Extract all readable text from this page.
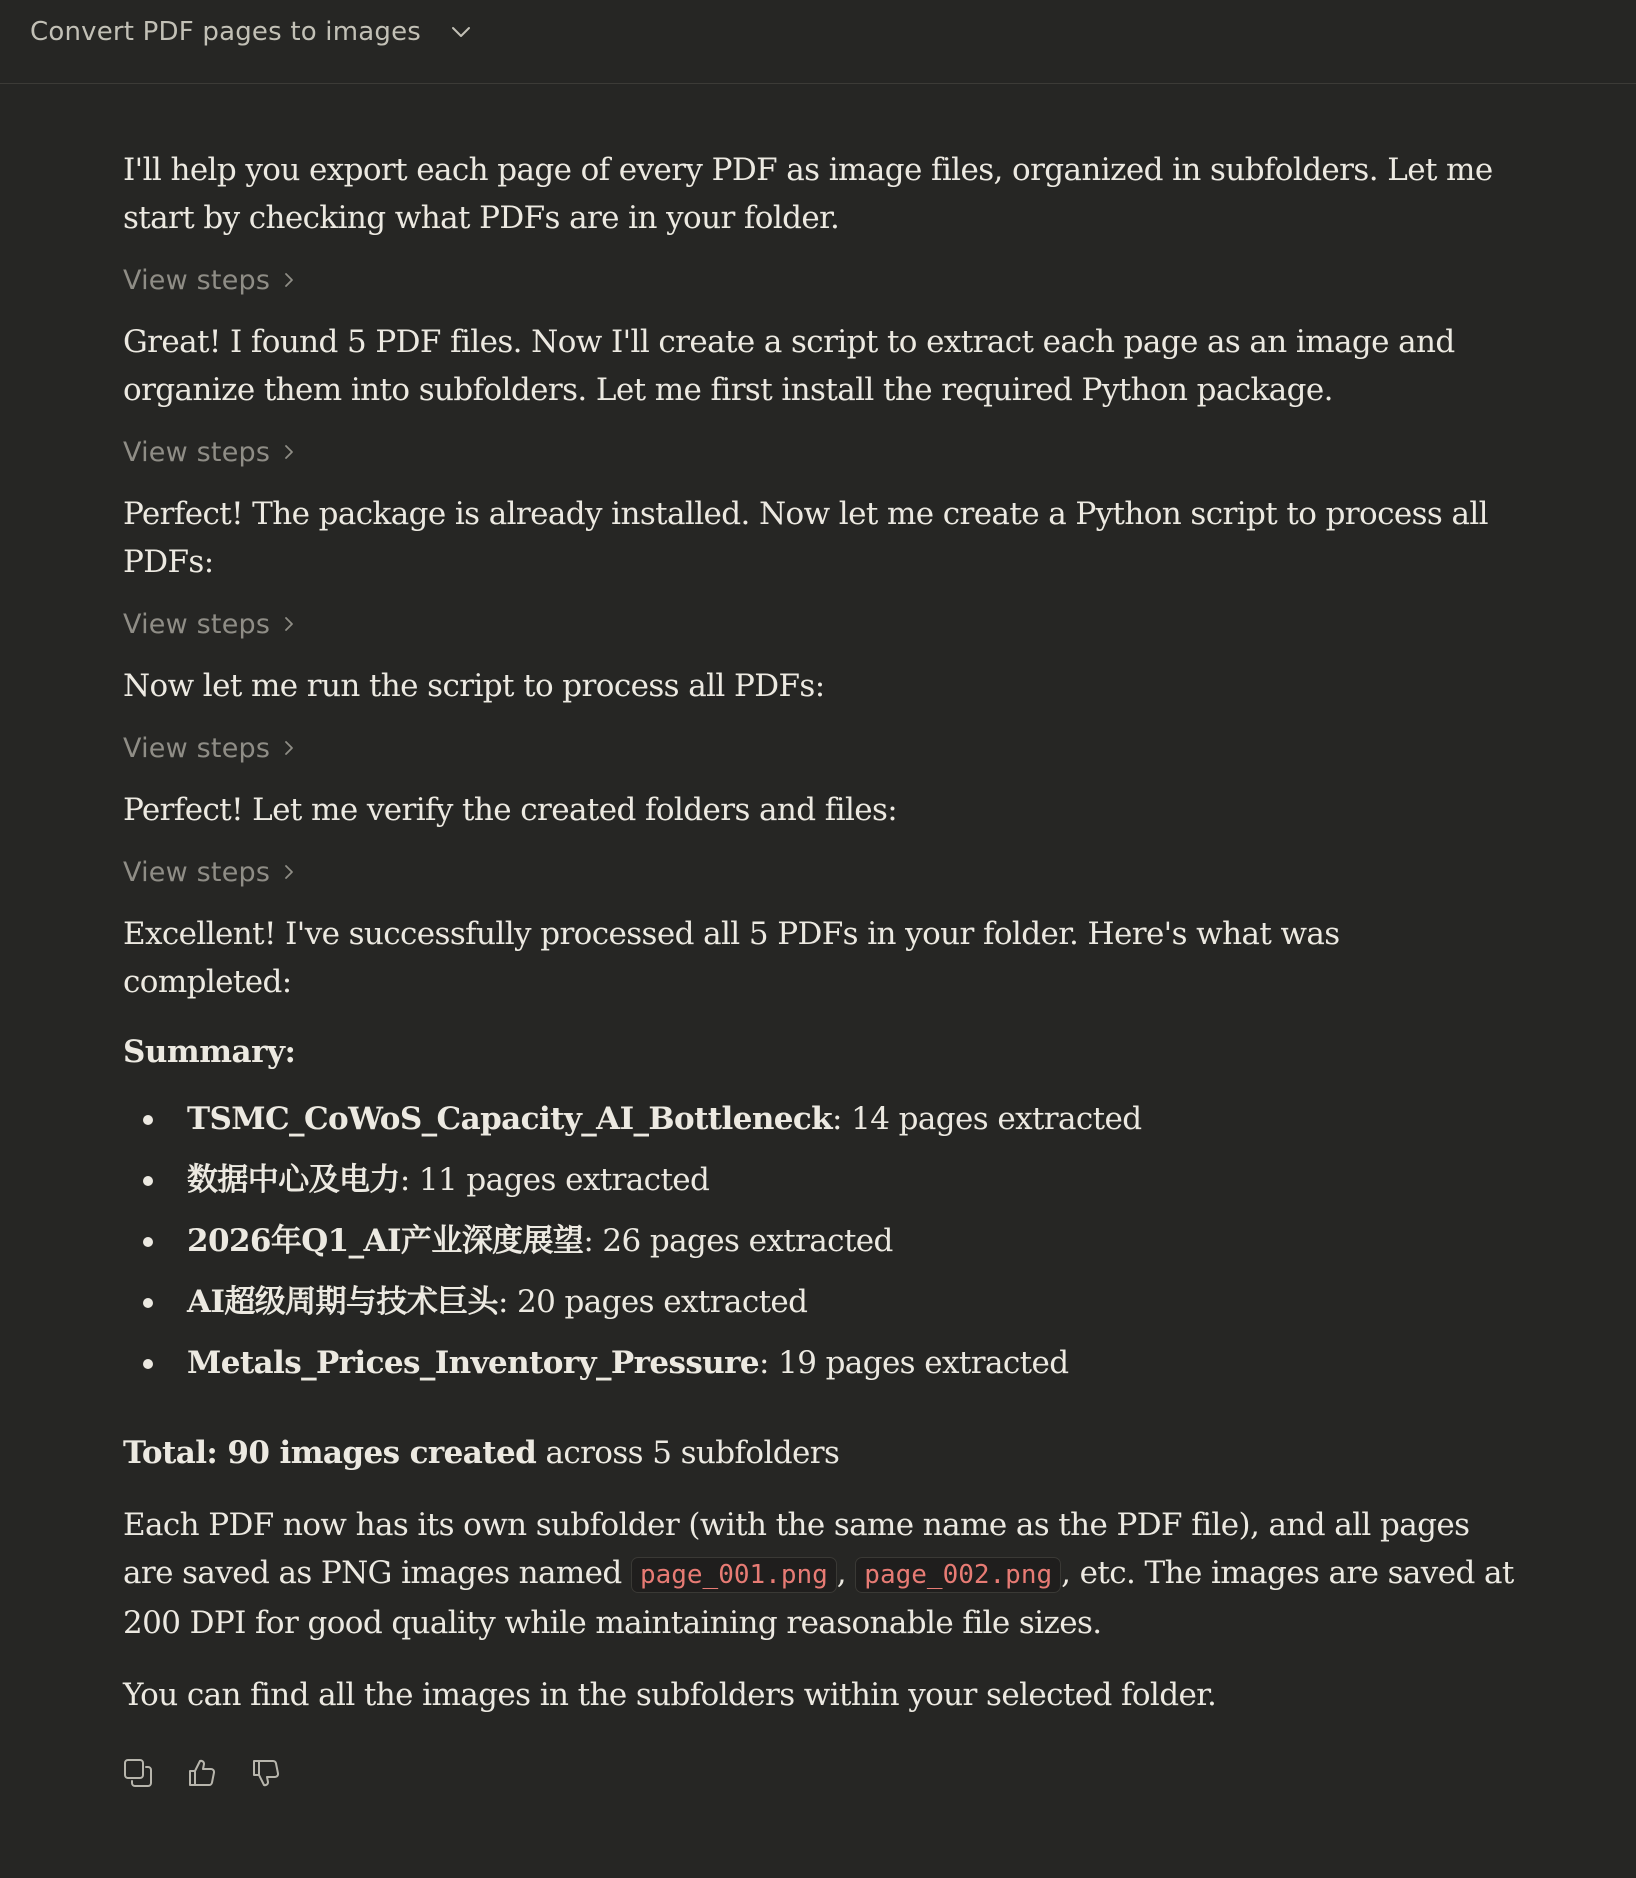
Convert PDF pages to images

I'll help you export each page of every PDF as image files, organized in subfolders. Let me start by checking what PDFs are in your folder.

View steps

Great! I found 5 PDF files. Now I'll create a script to extract each page as an image and organize them into subfolders. Let me first install the required Python package.

View steps

Perfect! The package is already installed. Now let me create a Python script to process all PDFs:

View steps

Now let me run the script to process all PDFs:

View steps

Perfect! Let me verify the created folders and files:

View steps

Excellent! I've successfully processed all 5 PDFs in your folder. Here's what was completed:

Summary:

TSMC_CoWoS_Capacity_AI_Bottleneck: 14 pages extracted
数据中心及电力: 11 pages extracted
2026年Q1_AI产业深度展望: 26 pages extracted
AI超级周期与技术巨头: 20 pages extracted
Metals_Prices_Inventory_Pressure: 19 pages extracted

Total: 90 images created across 5 subfolders

Each PDF now has its own subfolder (with the same name as the PDF file), and all pages are saved as PNG images named page_001.png , page_002.png , etc. The images are saved at 200 DPI for good quality while maintaining reasonable file sizes.

You can find all the images in the subfolders within your selected folder.
